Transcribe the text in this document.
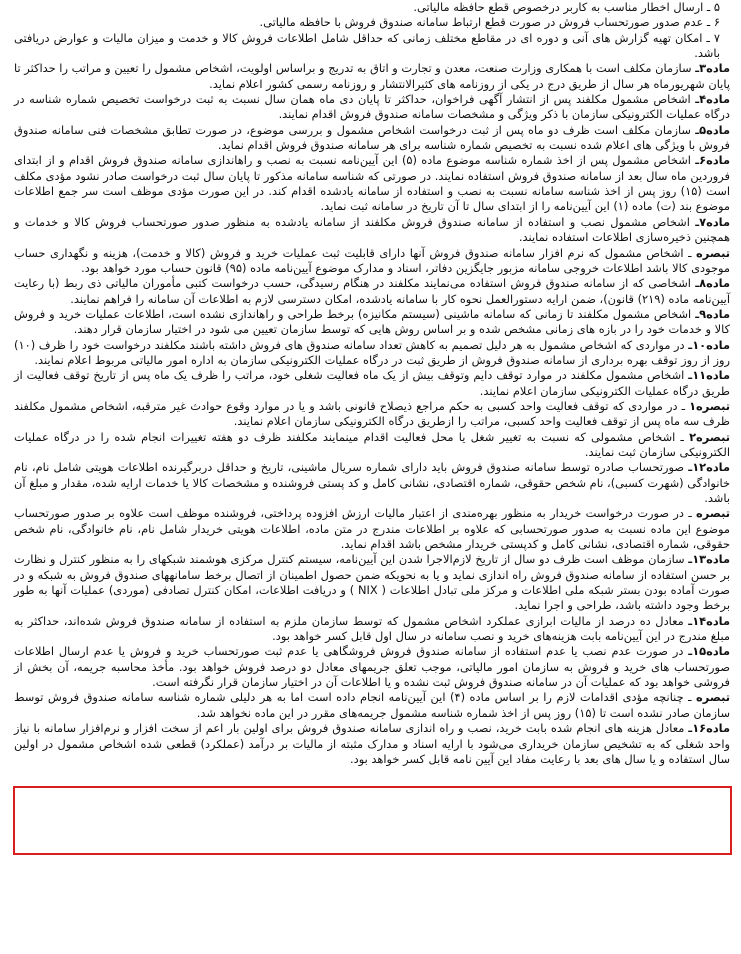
۵ ـ ارسال اخطار مناسب به کاربر درخصوص قطع حافظه مالیاتی.

۶ ـ عدم صدور صورتحساب فروش در صورت قطع ارتباط سامانه صندوق فروش با حافظه مالیاتی.

۷ ـ امکان تهیه گزارش های آنی و دوره ای در مقاطع مختلف زمانی که حداقل شامل اطلاعات فروش کالا و خدمت و میزان مالیات و عوارض دریافتی باشد.

ماده۳ـ سازمان مکلف است با همکاری وزارت صنعت، معدن و تجارت و اتاق به تدریج و براساس اولویت، اشخاص مشمول را تعیین و مراتب را حداکثر تا پایان شهریورماه هر سال از طریق درج در یکی از روزنامه های کثیرالانتشار و روزنامه رسمی کشور اعلام نماید.

ماده۴ـ اشخاص مشمول مکلفند پس از انتشار آگهی فراخوان، حداکثر تا پایان دی ماه همان سال نسبت به ثبت درخواست تخصیص شماره شناسه در درگاه عملیات الکترونیکی سازمان با ذکر ویژگی و مشخصات سامانه صندوق فروش اقدام نمایند.

ماده۵ـ سازمان مکلف است ظرف دو ماه پس از ثبت درخواست اشخاص مشمول و بررسی موضوع، در صورت تطابق مشخصات فنی سامانه صندوق فروش با ویژگی های اعلام شده نسبت به تخصیص شماره شناسه برای هر سامانه صندوق فروش اقدام نماید.

ماده۶ـ اشخاص مشمول پس از اخذ شماره شناسه موضوع ماده (۵) این آیین‌نامه نسبت به نصب و راهاندازی سامانه صندوق فروش اقدام و از ابتدای فروردین ماه سال بعد از سامانه صندوق فروش استفاده نمایند. در صورتی که شناسه سامانه مذکور تا پایان سال ثبت درخواست صادر نشود مؤدی مکلف است (۱۵) روز پس از اخذ شناسه سامانه نسبت به نصب و استفاده از سامانه یادشده اقدام کند. در این صورت مؤدی موظف است سر جمع اطلاعات موضوع بند (ت) ماده (۱) این آیین‌نامه را از ابتدای سال تا آن تاریخ در سامانه ثبت نماید.

ماده۷ـ اشخاص مشمول نصب و استفاده از سامانه صندوق فروش مکلفند از سامانه یادشده به منظور صدور صورتحساب فروش کالا و خدمات و همچنین ذخیره‌سازی اطلاعات استفاده نمایند.

تبصره ـ اشخاص مشمول که نرم افزار سامانه صندوق فروش آنها دارای قابلیت ثبت عملیات خرید و فروش (کالا و خدمت)، هزینه و نگهداری حساب موجودی کالا باشد اطلاعات خروجی سامانه مزبور جایگزین دفاتر، اسناد و مدارک موضوع آیین‌نامه ماده (۹۵) قانون حساب مورد خواهد بود.

ماده۸ـ اشخاصی که از سامانه صندوق فروش استفاده می‌نمایند مکلفند در هنگام رسیدگی، حسب درخواست کتبی مأموران مالیاتی ذی ربط (با رعایت آیین‌نامه ماده (۲۱۹) قانون)، ضمن ارایه دستورالعمل نحوه کار با سامانه یادشده، امکان دسترسی لازم به اطلاعات آن سامانه را فراهم نمایند.

ماده۹ـ اشخاص مشمول مکلفند تا زمانی که سامانه ماشینی (سیستم مکانیزه) برخط طراحی و راهاندازی نشده است، اطلاعات عملیات خرید و فروش کالا و خدمات خود را در بازه های زمانی مشخص شده و بر اساس روش هایی که توسط سازمان تعیین می شود در اختیار سازمان قرار دهند.

ماده۱۰ـ در مواردی که اشخاص مشمول به هر دلیل تصمیم به کاهش تعداد سامانه صندوق های فروش داشته باشند مکلفند درخواست خود را ظرف (۱۰) روز از روز توقف بهره برداری از سامانه صندوق فروش از طریق ثبت در درگاه عملیات الکترونیکی سازمان به اداره امور مالیاتی مربوط اعلام نمایند.

ماده۱۱ـ اشخاص مشمول مکلفند در موارد توقف دایم وتوقف بیش از یک ماه فعالیت شغلی خود، مراتب را ظرف یک ماه پس از تاریخ توقف فعالیت از طریق درگاه عملیات الکترونیکی سازمان اعلام نمایند.

تبصره۱ ـ در مواردی که توقف فعالیت واحد کسبی به حکم مراجع ذیصلاح قانونی باشد و یا در موارد وقوع حوادث غیر مترقبه، اشخاص مشمول مکلفند ظرف سه ماه پس از توقف فعالیت واحد کسبی، مراتب را ازطریق درگاه الکترونیکی سازمان اعلام نمایند.

تبصره۲ ـ اشخاص مشمولی که نسبت به تغییر شغل یا محل فعالیت اقدام مینمایند مکلفند ظرف دو هفته تغییرات انجام شده را در درگاه عملیات الکترونیکی سازمان ثبت نمایند.

ماده۱۲ـ صورتحساب صادره توسط سامانه صندوق فروش باید دارای شماره سریال ماشینی، تاریخ و حداقل دربرگیرنده اطلاعات هویتی شامل نام، نام خانوادگی (شهرت کسبی)، نام شخص حقوقی، شماره اقتصادی، نشانی کامل و کد پستی فروشنده و مشخصات کالا یا خدمات ارایه شده، مقدار و مبلغ آن باشد.

تبصره ـ در صورت درخواست خریدار به منظور بهره‌مندی از اعتبار مالیات ارزش افزوده پرداختی، فروشنده موظف است علاوه بر صدور صورتحساب موضوع این ماده نسبت به صدور صورتحسابی که علاوه بر اطلاعات مندرج در متن ماده، اطلاعات هویتی خریدار شامل نام، نام خانوادگی، نام شخص حقوقی، شماره اقتصادی، نشانی کامل و کدپستی خریدار مشخص باشد اقدام نماید.

ماده۱۳ـ سازمان موظف است ظرف دو سال از تاریخ لازم‌الاجرا شدن این آیین‌نامه، سیستم کنترل مرکزی هوشمند شبکهای را به منظور کنترل و نظارت بر حسن استفاده از سامانه صندوق فروش راه اندازی نماید و یا به نحویکه ضمن حصول اطمینان از اتصال برخط سامانههای صندوق فروش به شبکه و در صورت آماده بودن بستر شبکه ملی اطلاعات و مرکز ملی تبادل اطلاعات ( NIX ) و دریافت اطلاعات، امکان کنترل تصادفی (موردی) عملیات آنها به طور برخط وجود داشته باشد، طراحی و اجرا نماید.

ماده۱۴ـ معادل ده درصد از مالیات ابرازی عملکرد اشخاص مشمول که توسط سازمان ملزم به استفاده از سامانه صندوق فروش شده‌اند، حداکثر به مبلغ مندرج در این آیین‌نامه بابت هزینه‌های خرید و نصب سامانه در سال اول قابل کسر خواهد بود.

ماده۱۵ـ در صورت عدم نصب یا عدم استفاده از سامانه صندوق فروش فروشگاهی یا عدم ثبت صورتحساب خرید و فروش یا عدم ارسال اطلاعات صورتحساب های خرید و فروش به سازمان امور مالیاتی، موجب تعلق جریمهای معادل دو درصد فروش خواهد بود. مأخذ محاسبه جریمه، آن بخش از فروشی خواهد بود که عملیات آن در سامانه صندوق فروش ثبت نشده و یا اطلاعات آن در اختیار سازمان قرار نگرفته است.

تبصره ـ چنانچه مؤدی اقدامات لازم را بر اساس ماده (۴) این آیین‌نامه انجام داده است اما به هر دلیلی شماره شناسه سامانه صندوق فروش توسط سازمان صادر نشده است تا (۱۵) روز پس از اخذ شماره شناسه مشمول جریمه‌های مقرر در این ماده نخواهد شد.

ماده۱۶ـ معادل هزینه های انجام شده بابت خرید، نصب و راه اندازی سامانه صندوق فروش برای اولین بار اعم از سخت افزار و نرم‌افزار سامانه با نیاز واحد شغلی که به تشخیص سازمان خریداری می‌شود با ارایه اسناد و مدارک مثبته از مالیات بر درآمد (عملکرد) قطعی شده اشخاص مشمول در اولین سال استفاده و یا سال های بعد با رعایت مفاد این آیین نامه قابل کسر خواهد بود.
